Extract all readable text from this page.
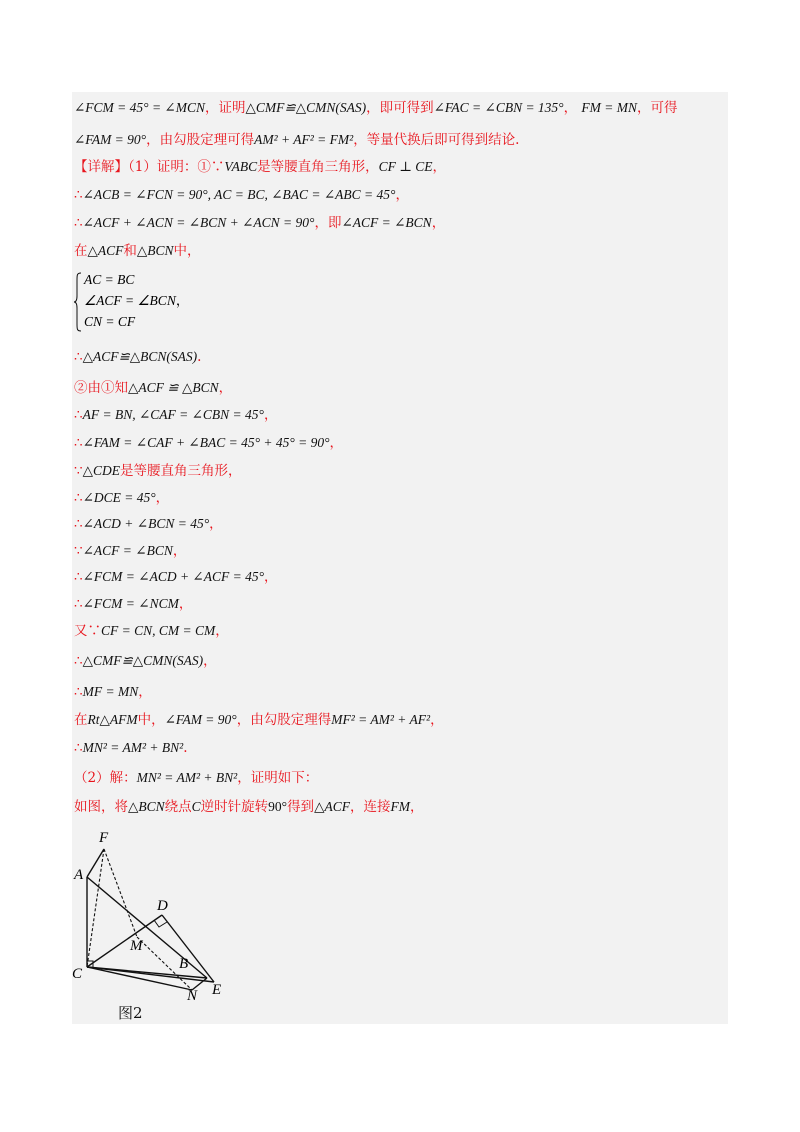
∠FCM = 45° = ∠MCN，证明△CMF≌△CMN(SAS)，即可得到∠FAC = ∠CBN = 135°， FM = MN，可得
∠FAM = 90°，由勾股定理可得AM² + AF² = FM²，等量代换后即可得到结论.
【详解】（1）证明：①∵VABC是等腰直角三角形，CF ⊥ CE，
∴∠ACB = ∠FCN = 90°, AC = BC, ∠BAC = ∠ABC = 45°，
∴∠ACF + ∠ACN = ∠BCN + ∠ACN = 90°，即∠ACF = ∠BCN，
在△ACF和△BCN中，
AC = BC
∠ACF = ∠BCN，
CN = CF
∴△ACF≌△BCN(SAS).
②由①知△ACF ≌ △BCN，
∴AF = BN, ∠CAF = ∠CBN = 45°，
∴∠FAM = ∠CAF + ∠BAC = 45° + 45° = 90°，
∵△CDE是等腰直角三角形，
∴∠DCE = 45°，
∴∠ACD + ∠BCN = 45°，
∵∠ACF = ∠BCN，
∴∠FCM = ∠ACD + ∠ACF = 45°，
∴∠FCM = ∠NCM，
又∵CF = CN, CM = CM，
∴△CMF≌△CMN(SAS)，
∴MF = MN，
在Rt△AFM中，∠FAM = 90°，由勾股定理得MF² = AM² + AF²，
∴MN² = AM² + BN².
（2）解：MN² = AM² + BN²，证明如下：
如图，将△BCN绕点C逆时针旋转90°得到△ACF，连接FM，
F
A
D
M
C
B
N E
图2
